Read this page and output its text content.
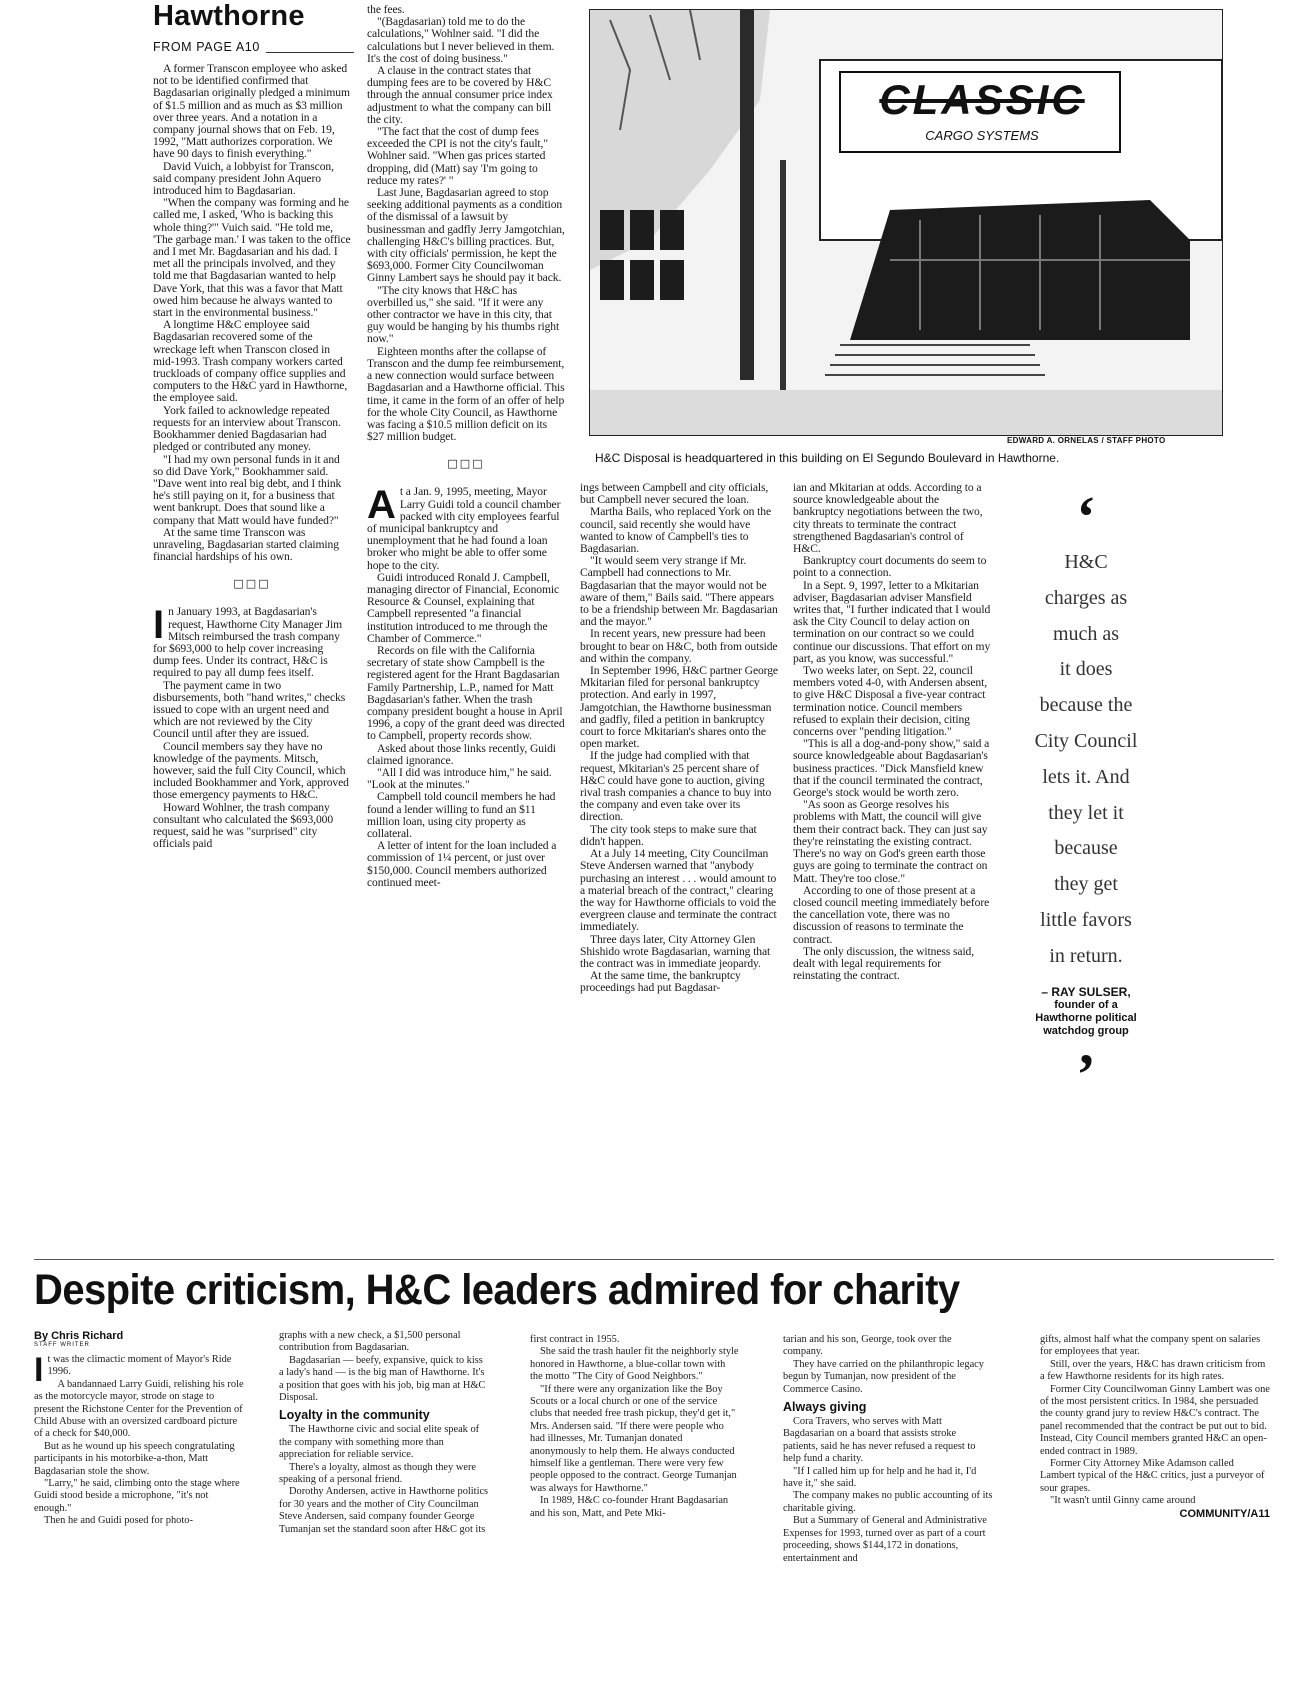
Hawthorne
FROM PAGE A10

A former Transcon employee who asked not to be identified confirmed that Bagdasarian originally pledged a minimum of $1.5 million and as much as $3 million over three years. And a notation in a company journal shows that on Feb. 19, 1992, "Matt authorizes corporation. We have 90 days to finish everything."

David Vuich, a lobbyist for Transcon, said company president John Aquero introduced him to Bagdasarian.

"When the company was forming and he called me, I asked, 'Who is backing this whole thing?'" Vuich said. "He told me, 'The garbage man.' I was taken to the office and I met Mr. Bagdasarian and his dad. I met all the principals involved, and they told me that Bagdasarian wanted to help Dave York, that this was a favor that Matt owed him because he always wanted to start in the environmental business."

A longtime H&C employee said Bagdasarian recovered some of the wreckage left when Transcon closed in mid-1993. Trash company workers carted truckloads of company office supplies and computers to the H&C yard in Hawthorne, the employee said.

York failed to acknowledge repeated requests for an interview about Transcon. Bookhammer denied Bagdasarian had pledged or contributed any money.

"I had my own personal funds in it and so did Dave York," Bookhammer said. "Dave went into real big debt, and I think he's still paying on it, for a business that went bankrupt. Does that sound like a company that Matt would have funded?"

At the same time Transcon was unraveling, Bagdasarian started claiming financial hardships of his own.

□□□
I n January 1993, at Bagdasarian's request, Hawthorne City Manager Jim Mitsch reimbursed the trash company for $693,000 to help cover increasing dump fees. Under its contract, H&C is required to pay all dump fees itself.

The payment came in two disbursements, both "hand writes," checks issued to cope with an urgent need and which are not reviewed by the City Council until after they are issued.

Council members say they have no knowledge of the payments. Mitsch, however, said the full City Council, which included Bookhammer and York, approved those emergency payments to H&C.

Howard Wohlner, the trash company consultant who calculated the $693,000 request, said he was "surprised" city officials paid

the fees.

"(Bagdasarian) told me to do the calculations," Wohlner said. "I did the calculations but I never believed in them. It's the cost of doing business."

A clause in the contract states that dumping fees are to be covered by H&C through the annual consumer price index adjustment to what the company can bill the city.

"The fact that the cost of dump fees exceeded the CPI is not the city's fault," Wohlner said. "When gas prices started dropping, did (Matt) say 'I'm going to reduce my rates?' "

Last June, Bagdasarian agreed to stop seeking additional payments as a condition of the dismissal of a lawsuit by businessman and gadfly Jerry Jamgotchian, challenging H&C's billing practices. But, with city officials' permission, he kept the $693,000. Former City Councilwoman Ginny Lambert says he should pay it back.

"The city knows that H&C has overbilled us," she said. "If it were any other contractor we have in this city, that guy would be hanging by his thumbs right now."

Eighteen months after the collapse of Transcon and the dump fee reimbursement, a new connection would surface between Bagdasarian and a Hawthorne official. This time, it came in the form of an offer of help for the whole City Council, as Hawthorne was facing a $10.5 million deficit on its $27 million budget.

□□□
A t a Jan. 9, 1995, meeting, Mayor Larry Guidi told a council chamber packed with city employees fearful of municipal bankruptcy and unemployment that he had found a loan broker who might be able to offer some hope to the city.

Guidi introduced Ronald J. Campbell, managing director of Financial, Economic Resource & Counsel, explaining that Campbell represented "a financial institution introduced to me through the Chamber of Commerce."

Records on file with the California secretary of state show Campbell is the registered agent for the Hrant Bagdasarian Family Partnership, L.P., named for Matt Bagdasarian's father. When the trash company president bought a house in April 1996, a copy of the grant deed was directed to Campbell, property records show.

Asked about those links recently, Guidi claimed ignorance.

"All I did was introduce him," he said. "Look at the minutes."

Campbell told council members he had found a lender willing to fund an $11 million loan, using city property as collateral.

A letter of intent for the loan included a commission of 1¼ percent, or just over $150,000. Council members authorized continued meet-

CLASSIC
CARGO SYSTEMS
EDWARD A. ORNELAS / STAFF PHOTO
H&C Disposal is headquartered in this building on El Segundo Boulevard in Hawthorne.

ings between Campbell and city officials, but Campbell never secured the loan.

Martha Bails, who replaced York on the council, said recently she would have wanted to know of Campbell's ties to Bagdasarian.

"It would seem very strange if Mr. Campbell had connections to Mr. Bagdasarian that the mayor would not be aware of them," Bails said. "There appears to be a friendship between Mr. Bagdasarian and the mayor."

In recent years, new pressure had been brought to bear on H&C, both from outside and within the company.

In September 1996, H&C partner George Mkitarian filed for personal bankruptcy protection. And early in 1997, Jamgotchian, the Hawthorne businessman and gadfly, filed a petition in bankruptcy court to force Mkitarian's shares onto the open market.

If the judge had complied with that request, Mkitarian's 25 percent share of H&C could have gone to auction, giving rival trash companies a chance to buy into the company and even take over its direction.

The city took steps to make sure that didn't happen.

At a July 14 meeting, City Councilman Steve Andersen warned that "anybody purchasing an interest . . . would amount to a material breach of the contract," clearing the way for Hawthorne officials to void the evergreen clause and terminate the contract immediately.

Three days later, City Attorney Glen Shishido wrote Bagdasarian, warning that the contract was in immediate jeopardy.

At the same time, the bankruptcy proceedings had put Bagdasar-

ian and Mkitarian at odds. According to a source knowledgeable about the bankruptcy negotiations between the two, city threats to terminate the contract strengthened Bagdasarian's control of H&C.

Bankruptcy court documents do seem to point to a connection.

In a Sept. 9, 1997, letter to a Mkitarian adviser, Bagdasarian adviser Mansfield writes that, "I further indicated that I would ask the City Council to delay action on termination on our contract so we could continue our discussions. That effort on my part, as you know, was successful."

Two weeks later, on Sept. 22, council members voted 4-0, with Andersen absent, to give H&C Disposal a five-year contract termination notice. Council members refused to explain their decision, citing concerns over "pending litigation."

"This is all a dog-and-pony show," said a source knowledgeable about Bagdasarian's business practices. "Dick Mansfield knew that if the council terminated the contract, George's stock would be worth zero.

"As soon as George resolves his problems with Matt, the council will give them their contract back. They can just say they're reinstating the existing contract. There's no way on God's green earth those guys are going to terminate the contract on Matt. They're too close."

According to one of those present at a closed council meeting immediately before the cancellation vote, there was no discussion of reasons to terminate the contract.

The only discussion, the witness said, dealt with legal requirements for reinstating the contract.

‘
H&C
charges as
much as
it does
because the
City Council
lets it. And
they let it
because
they get
little favors
in return.
– RAY SULSER,
founder of a
Hawthorne political
watchdog group
’
Despite criticism, H&C leaders admired for charity
By Chris Richard
STAFF WRITER
I t was the climactic moment of Mayor's Ride 1996.

A bandannaed Larry Guidi, relishing his role as the motorcycle mayor, strode on stage to present the Richstone Center for the Prevention of Child Abuse with an oversized cardboard picture of a check for $40,000.

But as he wound up his speech congratulating participants in his motorbike-a-thon, Matt Bagdasarian stole the show.

"Larry," he said, climbing onto the stage where Guidi stood beside a microphone, "it's not enough."

Then he and Guidi posed for photo-

graphs with a new check, a $1,500 personal contribution from Bagdasarian.

Bagdasarian — beefy, expansive, quick to kiss a lady's hand — is the big man of Hawthorne. It's a position that goes with his job, big man at H&C Disposal.

Loyalty in the community

The Hawthorne civic and social elite speak of the company with something more than appreciation for reliable service.

There's a loyalty, almost as though they were speaking of a personal friend.

Dorothy Andersen, active in Hawthorne politics for 30 years and the mother of City Councilman Steve Andersen, said company founder George Tumanjan set the standard soon after H&C got its

first contract in 1955.

She said the trash hauler fit the neighborly style honored in Hawthorne, a blue-collar town with the motto "The City of Good Neighbors."

"If there were any organization like the Boy Scouts or a local church or one of the service clubs that needed free trash pickup, they'd get it," Mrs. Andersen said. "If there were people who had illnesses, Mr. Tumanjan donated anonymously to help them. He always conducted himself like a gentleman. There were very few people opposed to the contract. George Tumanjan was always for Hawthorne."

In 1989, H&C co-founder Hrant Bagdasarian and his son, Matt, and Pete Mki-

tarian and his son, George, took over the company.

They have carried on the philanthropic legacy begun by Tumanjan, now president of the Commerce Casino.

Always giving

Cora Travers, who serves with Matt Bagdasarian on a board that assists stroke patients, said he has never refused a request to help fund a charity.

"If I called him up for help and he had it, I'd have it," she said.

The company makes no public accounting of its charitable giving.

But a Summary of General and Administrative Expenses for 1993, turned over as part of a court proceeding, shows $144,172 in donations, entertainment and

gifts, almost half what the company spent on salaries for employees that year.

Still, over the years, H&C has drawn criticism from a few Hawthorne residents for its high rates.

Former City Councilwoman Ginny Lambert was one of the most persistent critics. In 1984, she persuaded the county grand jury to review H&C's contract. The panel recommended that the contract be put out to bid. Instead, City Council members granted H&C an open-ended contract in 1989.

Former City Attorney Mike Adamson called Lambert typical of the H&C critics, just a purveyor of sour grapes.

"It wasn't until Ginny came around

COMMUNITY/A11
